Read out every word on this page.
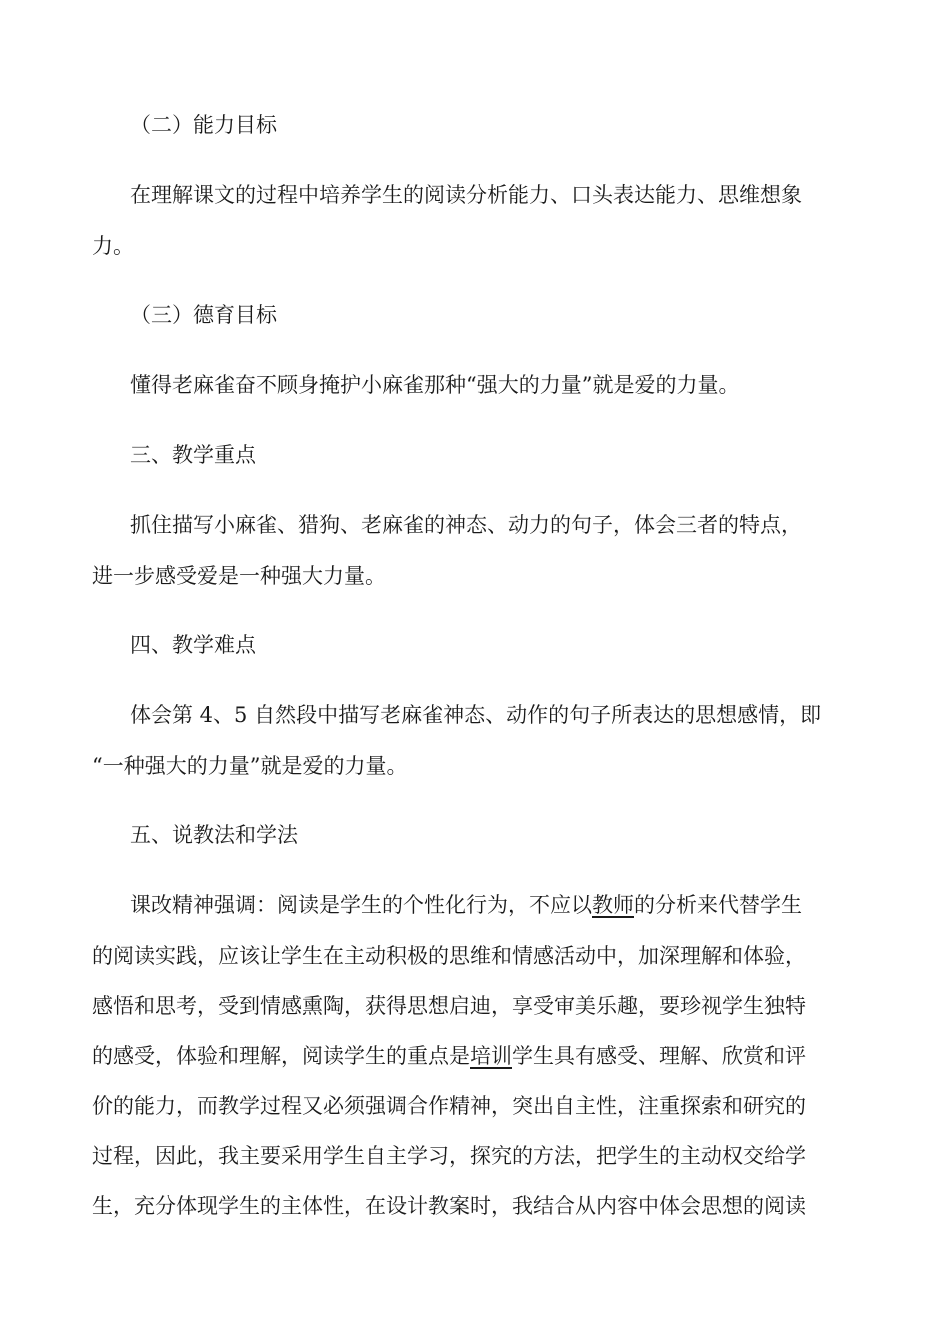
（二）能力目标
在理解课文的过程中培养学生的阅读分析能力、口头表达能力、思维想象
力。
（三）德育目标
懂得老麻雀奋不顾身掩护小麻雀那种“强大的力量”就是爱的力量。
三、教学重点
抓住描写小麻雀、猎狗、老麻雀的神态、动力的句子，体会三者的特点，
进一步感受爱是一种强大力量。
四、教学难点
体会第 4、5 自然段中描写老麻雀神态、动作的句子所表达的思想感情，即
“一种强大的力量”就是爱的力量。
五、说教法和学法
课改精神强调：阅读是学生的个性化行为，不应以教师的分析来代替学生
的阅读实践，应该让学生在主动积极的思维和情感活动中，加深理解和体验，
感悟和思考，受到情感熏陶，获得思想启迪，享受审美乐趣，要珍视学生独特
的感受，体验和理解，阅读学生的重点是培训学生具有感受、理解、欣赏和评
价的能力，而教学过程又必须强调合作精神，突出自主性，注重探索和研究的
过程，因此，我主要采用学生自主学习，探究的方法，把学生的主动权交给学
生，充分体现学生的主体性，在设计教案时，我结合从内容中体会思想的阅读
